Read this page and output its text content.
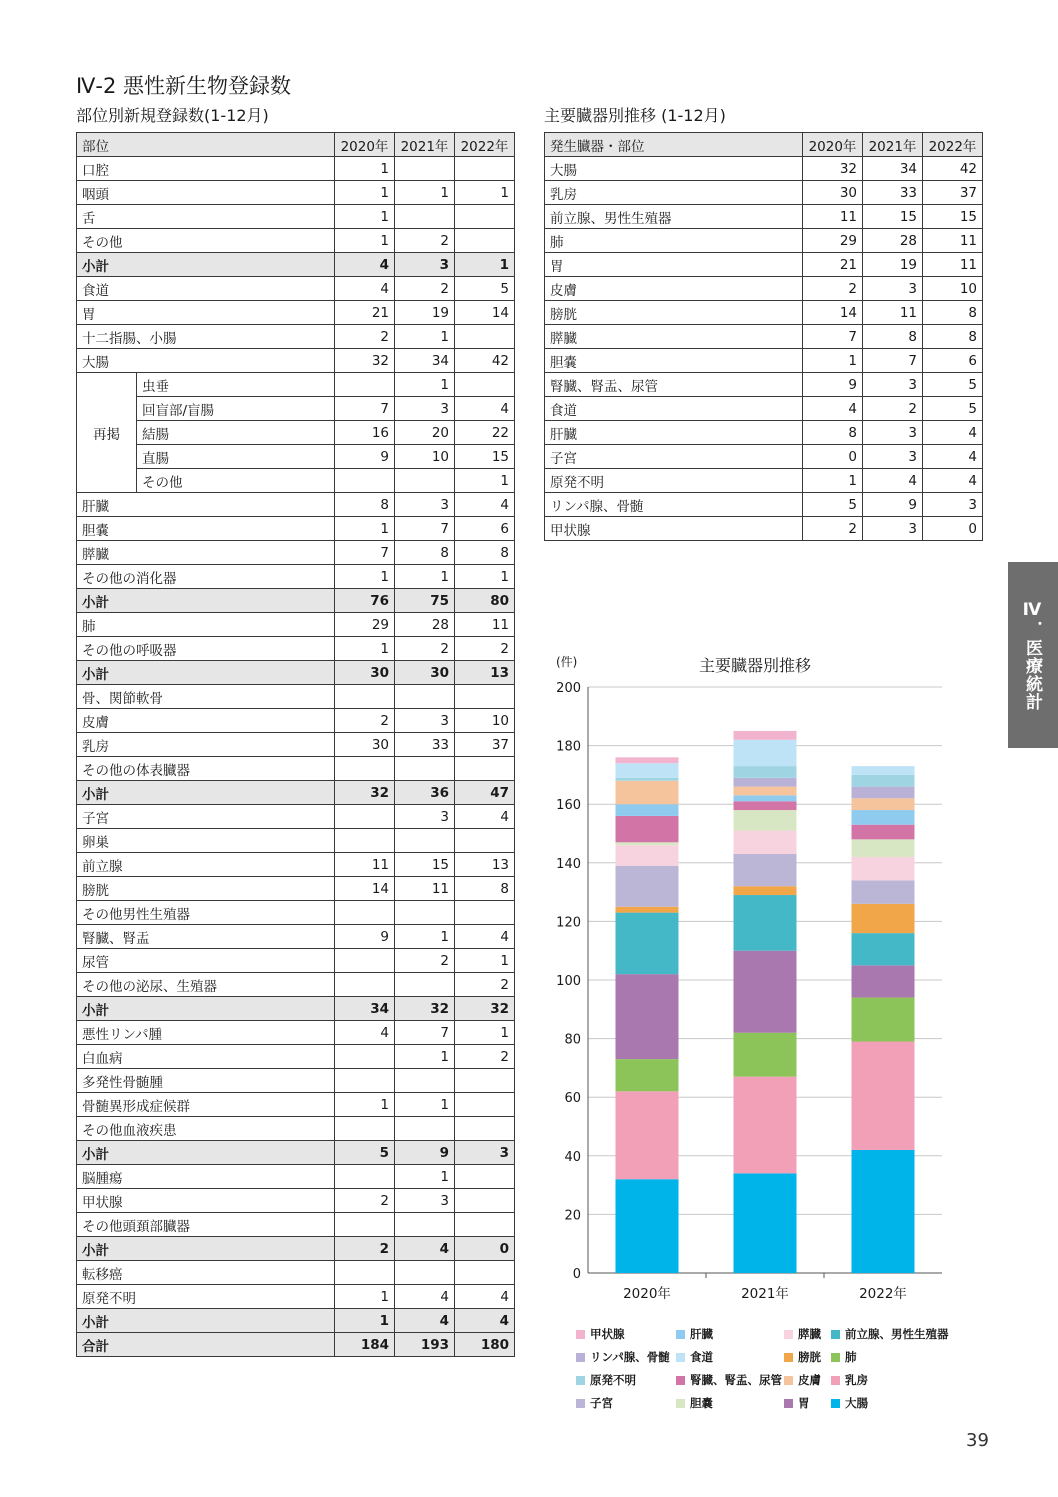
Ⅳ-2 悪性新生物登録数
部位別新規登録数(1-12月)	主要臓器別推移 (1-12月)
部位		2020年	2021年	2022年
口腔		1		
咽頭		1	1	1
舌		1		
その他		1	2	
小計		4	3	1
食道		4	2	5
胃		21	19	14
十二指腸、小腸		2	1	
大腸		32	34	42
再掲	虫垂		1	
	回盲部/盲腸	7	3	4
	結腸	16	20	22
	直腸	9	10	15
	その他			1
肝臓		8	3	4
胆嚢		1	7	6
膵臓		7	8	8
その他の消化器		1	1	1
小計		76	75	80
肺		29	28	11
その他の呼吸器		1	2	2
小計		30	30	13
骨、関節軟骨				
皮膚		2	3	10
乳房		30	33	37
その他の体表臓器				
小計		32	36	47
子宮			3	4
卵巣				
前立腺		11	15	13
膀胱		14	11	8
その他男性生殖器				
腎臓、腎盂		9	1	4
尿管			2	1
その他の泌尿、生殖器				2
小計		34	32	32
悪性リンパ腫		4	7	1
白血病			1	2
多発性骨髄腫				
骨髄異形成症候群		1	1	
その他血液疾患				
小計		5	9	3
脳腫瘍			1	
甲状腺		2	3	
その他頭頚部臓器				
小計		2	4	0
転移癌				
原発不明		1	4	4
小計		1	4	4
合計		184	193	180
発生臓器・部位	2020年	2021年	2022年
大腸	32	34	42
乳房	30	33	37
前立腺、男性生殖器	11	15	15
肺	29	28	11
胃	21	19	11
皮膚	2	3	10
膀胱	14	11	8
膵臓	7	8	8
胆嚢	1	7	6
腎臓、腎盂、尿管	9	3	5
食道	4	2	5
肝臓	8	3	4
子宮	0	3	4
原発不明	1	4	4
リンパ腺、骨髄	5	9	3
甲状腺	2	3	0
Ⅳ．医療統計
主要臓器別推移
(件)
0
20
40
60
80
100
120
140
160
180
200
2020年	2021年	2022年
甲状腺	肝臓	膵臓	前立腺、男性生殖器
リンパ腺、骨髄	食道	膀胱	肺
原発不明	腎臓、腎盂、尿管	皮膚	乳房
子宮	胆嚢	胃	大腸
39
